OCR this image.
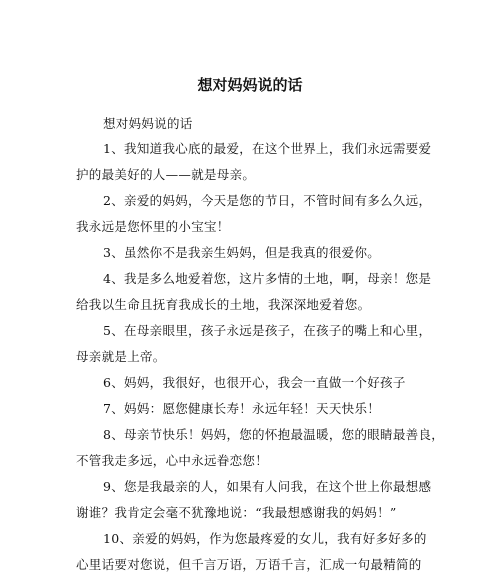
想对妈妈说的话
想对妈妈说的话
1、我知道我心底的最爱，在这个世界上，我们永远需要爱
护的最美好的人——就是母亲。
2、亲爱的妈妈，今天是您的节日，不管时间有多么久远，
我永远是您怀里的小宝宝！
3、虽然你不是我亲生妈妈，但是我真的很爱你。
4、我是多么地爱着您，这片多情的土地，啊，母亲！您是
给我以生命且抚育我成长的土地，我深深地爱着您。
5、在母亲眼里，孩子永远是孩子，在孩子的嘴上和心里，
母亲就是上帝。
6、妈妈，我很好，也很开心，我会一直做一个好孩子
7、妈妈：愿您健康长寿！永远年轻！天天快乐！
8、母亲节快乐！妈妈，您的怀抱最温暖，您的眼睛最善良，
不管我走多远，心中永远眷恋您！
9、您是我最亲的人，如果有人问我，在这个世上你最想感
谢谁？我肯定会毫不犹豫地说：“我最想感谢我的妈妈！”
10、亲爱的妈妈，作为您最疼爱的女儿，我有好多好多的
心里话要对您说，但千言万语，万语千言，汇成一句最精简的
